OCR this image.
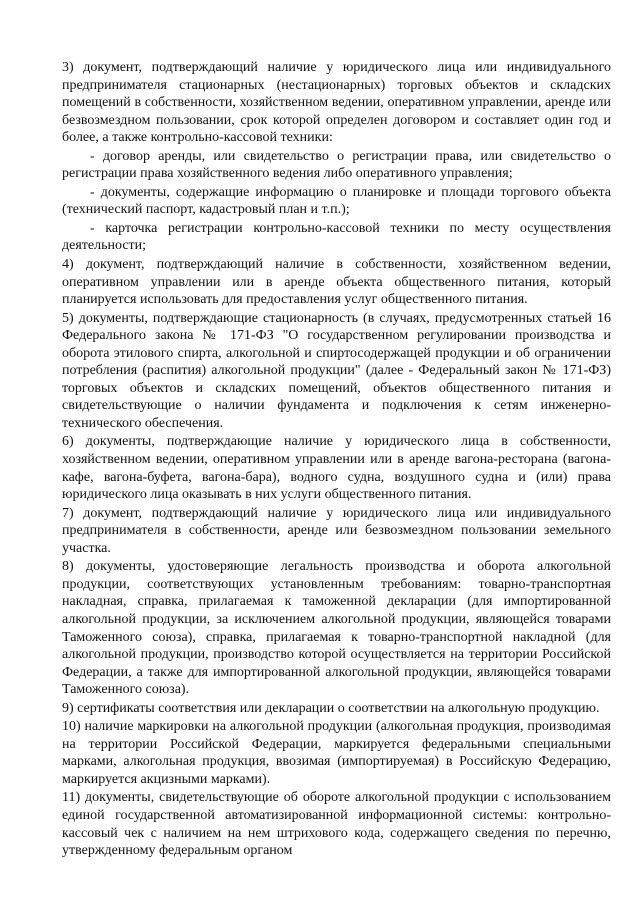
3) документ, подтверждающий наличие у юридического лица или индивидуального предпринимателя стационарных (нестационарных) торговых объектов и складских помещений в собственности, хозяйственном ведении, оперативном управлении, аренде или безвозмездном пользовании, срок которой определен договором и составляет один год и более, а также контрольно-кассовой техники:

- договор аренды, или свидетельство о регистрации права, или свидетельство о регистрации права хозяйственного ведения либо оперативного управления;

- документы, содержащие информацию о планировке и площади торгового объекта (технический паспорт, кадастровый план и т.п.);

- карточка регистрации контрольно-кассовой техники по месту осуществления деятельности;

4) документ, подтверждающий наличие в собственности, хозяйственном ведении, оперативном управлении или в аренде объекта общественного питания, который планируется использовать для предоставления услуг общественного питания.

5) документы, подтверждающие стационарность (в случаях, предусмотренных статьей 16 Федерального закона № 171-ФЗ "О государственном регулировании производства и оборота этилового спирта, алкогольной и спиртосодержащей продукции и об ограничении потребления (распития) алкогольной продукции" (далее - Федеральный закон № 171-ФЗ) торговых объектов и складских помещений, объектов общественного питания и свидетельствующие о наличии фундамента и подключения к сетям инженерно-технического обеспечения.

6) документы, подтверждающие наличие у юридического лица в собственности, хозяйственном ведении, оперативном управлении или в аренде вагона-ресторана (вагона-кафе, вагона-буфета, вагона-бара), водного судна, воздушного судна и (или) права юридического лица оказывать в них услуги общественного питания.

7) документ, подтверждающий наличие у юридического лица или индивидуального предпринимателя в собственности, аренде или безвозмездном пользовании земельного участка.

8) документы, удостоверяющие легальность производства и оборота алкогольной продукции, соответствующих установленным требованиям: товарно-транспортная накладная, справка, прилагаемая к таможенной декларации (для импортированной алкогольной продукции, за исключением алкогольной продукции, являющейся товарами Таможенного союза), справка, прилагаемая к товарно-транспортной накладной (для алкогольной продукции, производство которой осуществляется на территории Российской Федерации, а также для импортированной алкогольной продукции, являющейся товарами Таможенного союза).

9) сертификаты соответствия или декларации о соответствии на алкогольную продукцию.

10) наличие маркировки на алкогольной продукции (алкогольная продукция, производимая на территории Российской Федерации, маркируется федеральными специальными марками, алкогольная продукция, ввозимая (импортируемая) в Российскую Федерацию, маркируется акцизными марками).

11) документы, свидетельствующие об обороте алкогольной продукции с использованием единой государственной автоматизированной информационной системы: контрольно-кассовый чек с наличием на нем штрихового кода, содержащего сведения по перечню, утвержденному федеральным органом
